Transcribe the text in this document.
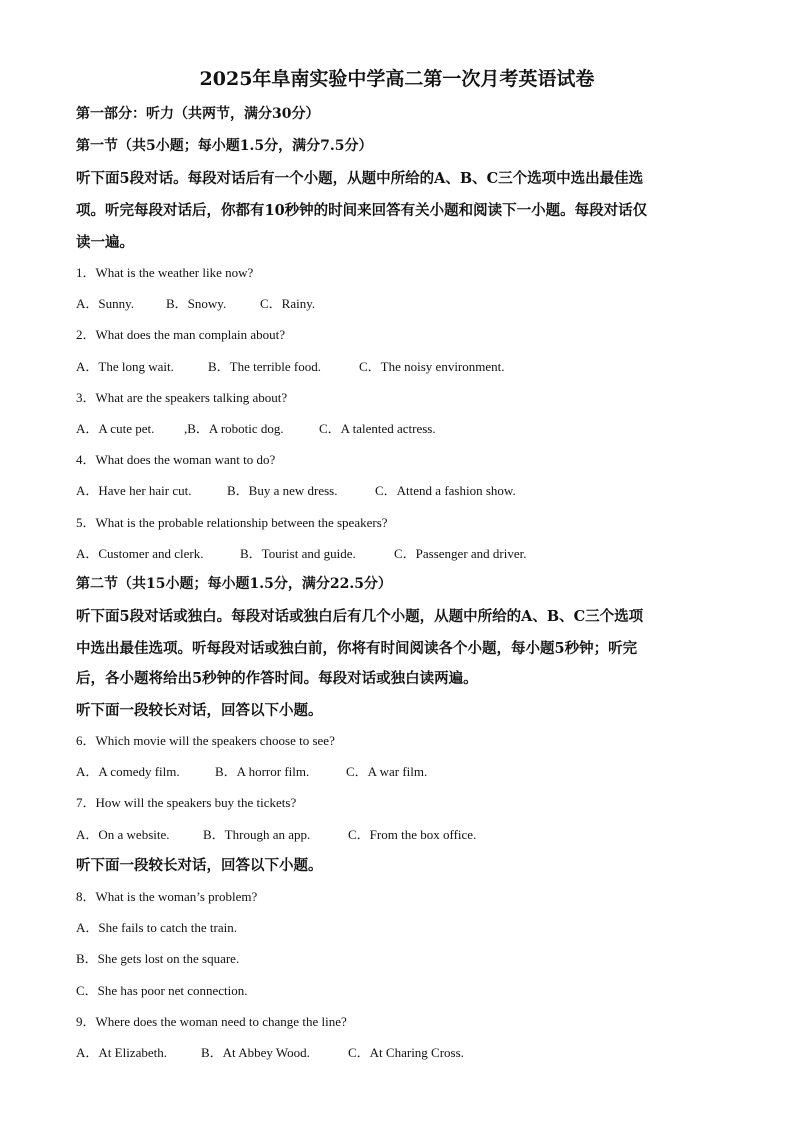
2025年阜南实验中学高二第一次月考英语试卷
第一部分：听力（共两节，满分30分）
第一节（共5小题；每小题1.5分，满分7.5分）
听下面5段对话。每段对话后有一个小题，从题中所给的A、B、C三个选项中选出最佳选
项。听完每段对话后，你都有10秒钟的时间来回答有关小题和阅读下一小题。每段对话仅
读一遍。
1．What is the weather like now?
A．Sunny. B．Snowy.	C．Rainy.
2．What does the man complain about?
A．The long wait.	B．The terrible food.	C．The noisy environment.
3．What are the speakers talking about?
A．A cute pet. ,B．A robotic dog.	C．A talented actress.
4．What does the woman want to do?
A．Have her hair cut.	B．Buy a new dress.	C．Attend a fashion show.
5．What is the probable relationship between the speakers?
A．Customer and clerk.	B．Tourist and guide.	C．Passenger and driver.
第二节（共15小题；每小题1.5分，满分22.5分）
听下面5段对话或独白。每段对话或独白后有几个小题，从题中所给的A、B、C三个选项
中选出最佳选项。听每段对话或独白前，你将有时间阅读各个小题，每小题5秒钟；听完
后，各小题将给出5秒钟的作答时间。每段对话或独白读两遍。
听下面一段较长对话，回答以下小题。
6．Which movie will the speakers choose to see?
A．A comedy film.	B．A horror film.	C．A war film.
7．How will the speakers buy the tickets?
A．On a website.	B．Through an app.	C．From the box office.
听下面一段较长对话，回答以下小题。
8．What is the woman’s problem?
A．She fails to catch the train.
B．She gets lost on the square.
C．She has poor net connection.
9．Where does the woman need to change the line?
A．At Elizabeth.	B．At Abbey Wood.	C．At Charing Cross.
